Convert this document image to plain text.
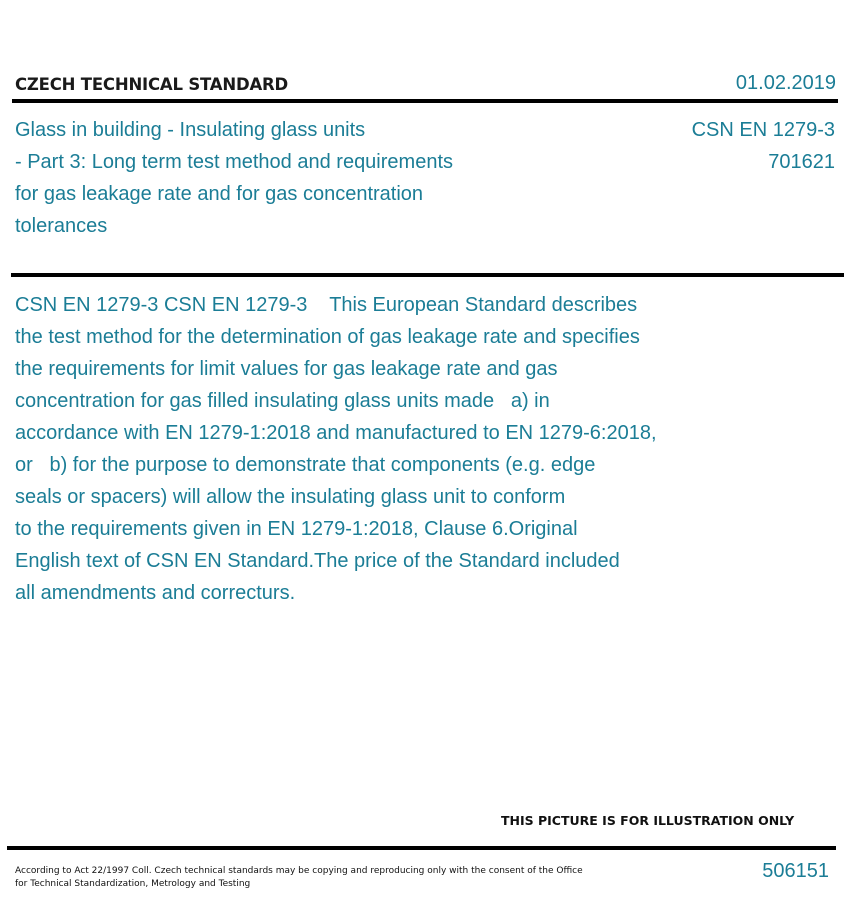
CZECH TECHNICAL STANDARD	01.02.2019
Glass in building - Insulating glass units
- Part 3: Long term test method and requirements
for gas leakage rate and for gas concentration
tolerances
CSN EN 1279-3
701621
CSN EN 1279-3 CSN EN 1279-3    This European Standard describes
the test method for the determination of gas leakage rate and specifies
the requirements for limit values for gas leakage rate and gas
concentration for gas filled insulating glass units made   a) in
accordance with EN 1279-1:2018 and manufactured to EN 1279-6:2018,
or   b) for the purpose to demonstrate that components (e.g. edge
seals or spacers) will allow the insulating glass unit to conform
to the requirements given in EN 1279-1:2018, Clause 6.Original
English text of CSN EN Standard.The price of the Standard included
all amendments and correcturs.
THIS PICTURE IS FOR ILLUSTRATION ONLY
According to Act 22/1997 Coll. Czech technical standards may be copying and reproducing only with the consent of the Office
for Technical Standardization, Metrology and Testing
506151
